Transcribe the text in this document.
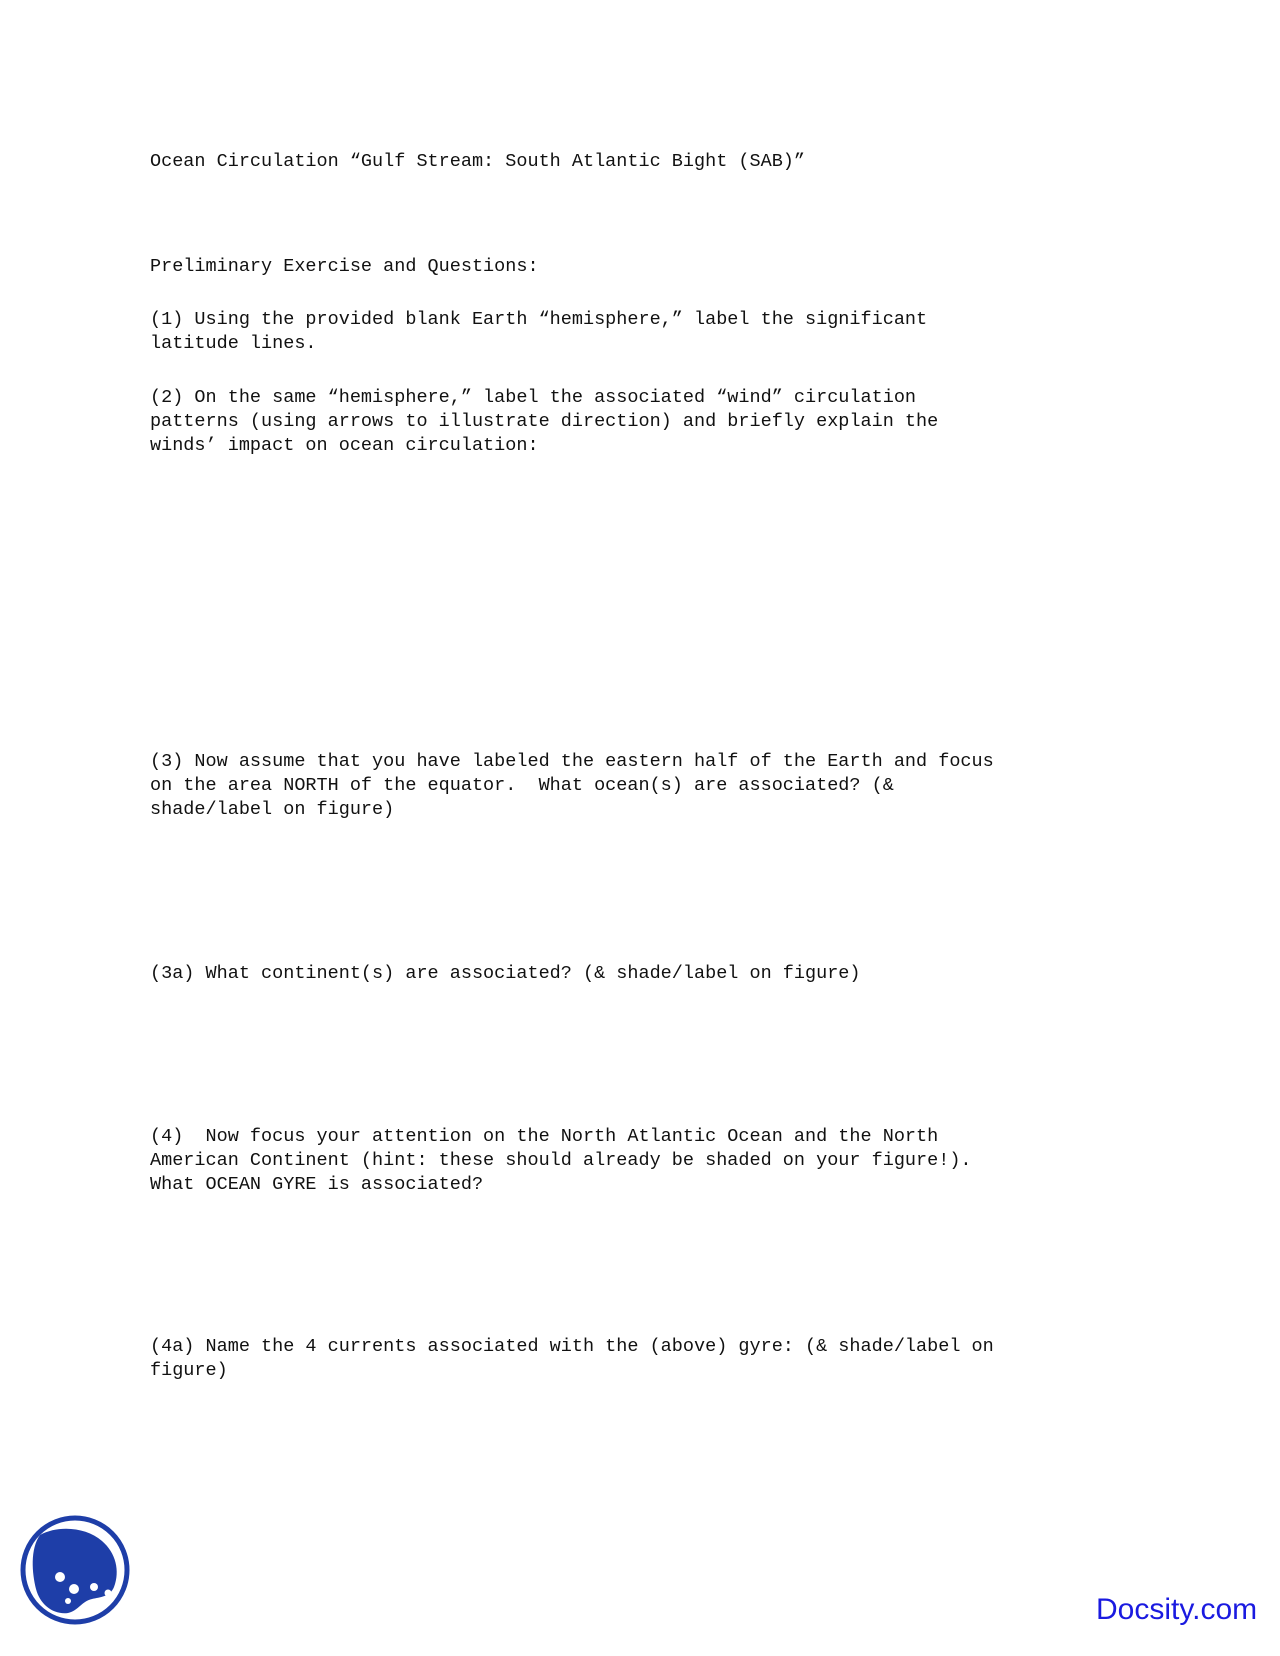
Ocean Circulation “Gulf Stream: South Atlantic Bight (SAB)”
Preliminary Exercise and Questions:
(1) Using the provided blank Earth “hemisphere,” label the significant
latitude lines.
(2) On the same “hemisphere,” label the associated “wind” circulation
patterns (using arrows to illustrate direction) and briefly explain the
winds’ impact on ocean circulation:
(3) Now assume that you have labeled the eastern half of the Earth and focus
on the area NORTH of the equator.  What ocean(s) are associated? (&
shade/label on figure)
(3a) What continent(s) are associated? (& shade/label on figure)
(4)  Now focus your attention on the North Atlantic Ocean and the North
American Continent (hint: these should already be shaded on your figure!).
What OCEAN GYRE is associated?
(4a) Name the 4 currents associated with the (above) gyre: (& shade/label on
figure)
Docsity.com
